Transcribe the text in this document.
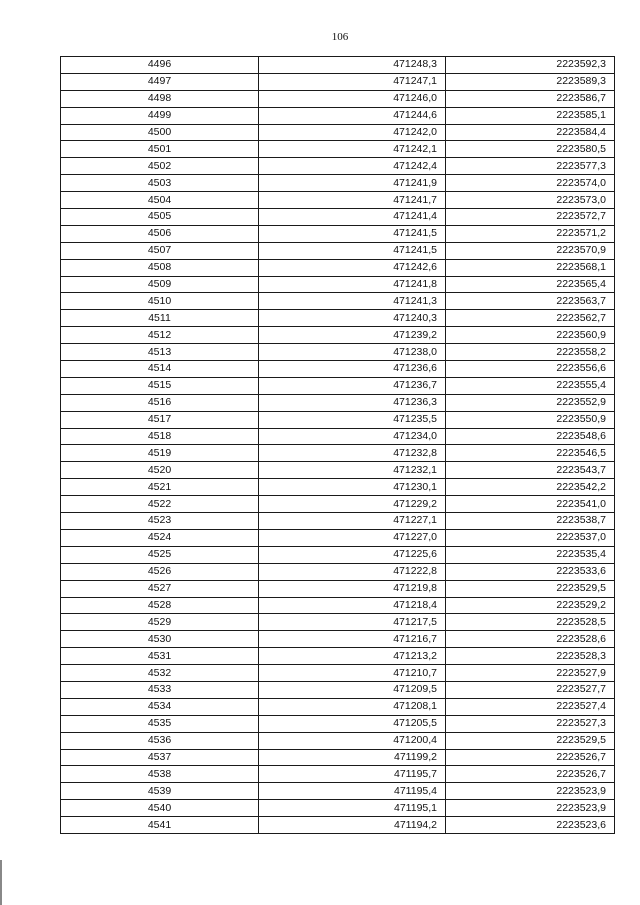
106
4496	471248,3	2223592,3
4497	471247,1	2223589,3
4498	471246,0	2223586,7
4499	471244,6	2223585,1
4500	471242,0	2223584,4
4501	471242,1	2223580,5
4502	471242,4	2223577,3
4503	471241,9	2223574,0
4504	471241,7	2223573,0
4505	471241,4	2223572,7
4506	471241,5	2223571,2
4507	471241,5	2223570,9
4508	471242,6	2223568,1
4509	471241,8	2223565,4
4510	471241,3	2223563,7
4511	471240,3	2223562,7
4512	471239,2	2223560,9
4513	471238,0	2223558,2
4514	471236,6	2223556,6
4515	471236,7	2223555,4
4516	471236,3	2223552,9
4517	471235,5	2223550,9
4518	471234,0	2223548,6
4519	471232,8	2223546,5
4520	471232,1	2223543,7
4521	471230,1	2223542,2
4522	471229,2	2223541,0
4523	471227,1	2223538,7
4524	471227,0	2223537,0
4525	471225,6	2223535,4
4526	471222,8	2223533,6
4527	471219,8	2223529,5
4528	471218,4	2223529,2
4529	471217,5	2223528,5
4530	471216,7	2223528,6
4531	471213,2	2223528,3
4532	471210,7	2223527,9
4533	471209,5	2223527,7
4534	471208,1	2223527,4
4535	471205,5	2223527,3
4536	471200,4	2223529,5
4537	471199,2	2223526,7
4538	471195,7	2223526,7
4539	471195,4	2223523,9
4540	471195,1	2223523,9
4541	471194,2	2223523,6
